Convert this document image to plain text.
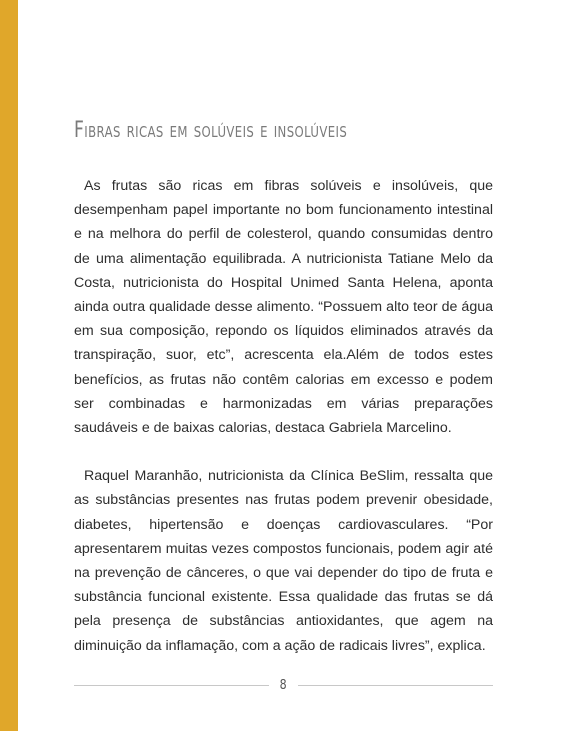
Fibras ricas em solúveis e insolúveis

As frutas são ricas em fibras solúveis e insolúveis, que desempenham papel importante no bom funcionamento intestinal e na melhora do perfil de colesterol, quando consumidas dentro de uma alimentação equilibrada. A nutricionista Tatiane Melo da Costa, nutricionista do Hospital Unimed Santa Helena, aponta ainda outra qualidade desse alimento. “Possuem alto teor de água em sua composição, repondo os líquidos eliminados através da transpiração, suor, etc”, acrescenta ela.Além de todos estes benefícios, as frutas não contêm calorias em excesso e podem ser combinadas e harmonizadas em várias preparações saudáveis e de baixas calorias, destaca Gabriela Marcelino.

Raquel Maranhão, nutricionista da Clínica BeSlim, ressalta que as substâncias presentes nas frutas podem prevenir obesidade, diabetes, hipertensão e doenças cardiovasculares. “Por apresentarem muitas vezes compostos funcionais, podem agir até na prevenção de cânceres, o que vai depender do tipo de fruta e substância funcional existente. Essa qualidade das frutas se dá pela presença de substâncias antioxidantes, que agem na diminuição da inflamação, com a ação de radicais livres”, explica.

8
